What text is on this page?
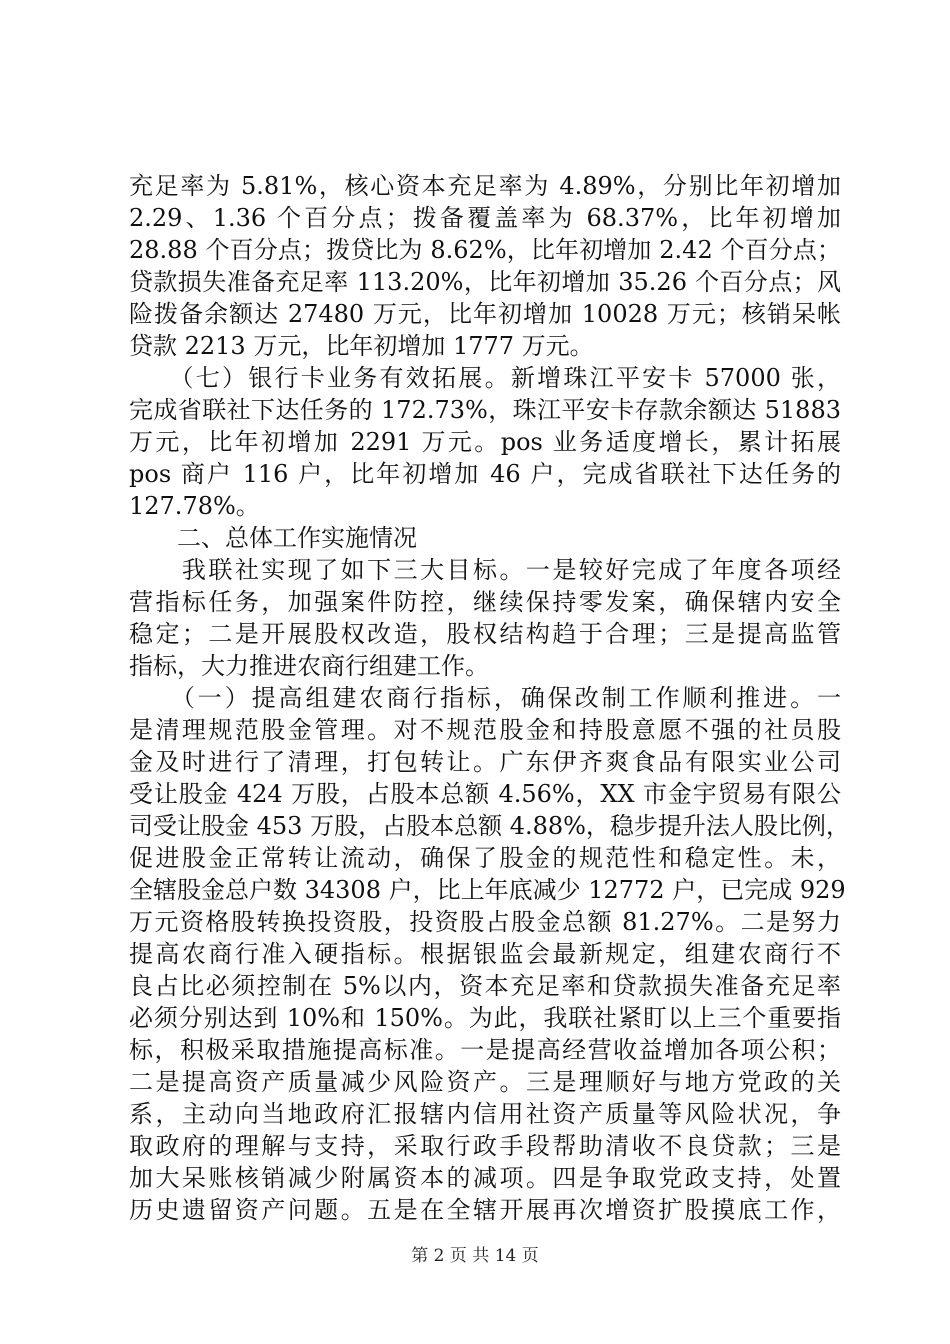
充足率为 5.81%，核心资本充足率为 4.89%，分别比年初增加
2.29、1.36 个百分点；拨备覆盖率为 68.37%，比年初增加
28.88 个百分点；拨贷比为 8.62%，比年初增加 2.42 个百分点；
贷款损失准备充足率 113.20%，比年初增加 35.26 个百分点；风
险拨备余额达 27480 万元，比年初增加 10028 万元；核销呆帐
贷款 2213 万元，比年初增加 1777 万元。
　　（七）银行卡业务有效拓展。新增珠江平安卡 57000 张，
完成省联社下达任务的 172.73%，珠江平安卡存款余额达 51883
万元，比年初增加 2291 万元。pos 业务适度增长，累计拓展
pos 商户 116 户，比年初增加 46 户，完成省联社下达任务的
127.78%。
　　二、总体工作实施情况
　　我联社实现了如下三大目标。一是较好完成了年度各项经
营指标任务，加强案件防控，继续保持零发案，确保辖内安全
稳定；二是开展股权改造，股权结构趋于合理；三是提高监管
指标，大力推进农商行组建工作。
　　（一）提高组建农商行指标，确保改制工作顺利推进。一
是清理规范股金管理。对不规范股金和持股意愿不强的社员股
金及时进行了清理，打包转让。广东伊齐爽食品有限实业公司
受让股金 424 万股，占股本总额 4.56%，XX 市金宇贸易有限公
司受让股金 453 万股，占股本总额 4.88%，稳步提升法人股比例，
促进股金正常转让流动，确保了股金的规范性和稳定性。未，
全辖股金总户数 34308 户，比上年底减少 12772 户，已完成 929
万元资格股转换投资股，投资股占股金总额 81.27%。二是努力
提高农商行准入硬指标。根据银监会最新规定，组建农商行不
良占比必须控制在 5%以内，资本充足率和贷款损失准备充足率
必须分别达到 10%和 150%。为此，我联社紧盯以上三个重要指
标，积极采取措施提高标准。一是提高经营收益增加各项公积；
二是提高资产质量减少风险资产。三是理顺好与地方党政的关
系，主动向当地政府汇报辖内信用社资产质量等风险状况，争
取政府的理解与支持，采取行政手段帮助清收不良贷款；三是
加大呆账核销减少附属资本的减项。四是争取党政支持，处置
历史遗留资产问题。五是在全辖开展再次增资扩股摸底工作，
第 2 页 共 14 页
